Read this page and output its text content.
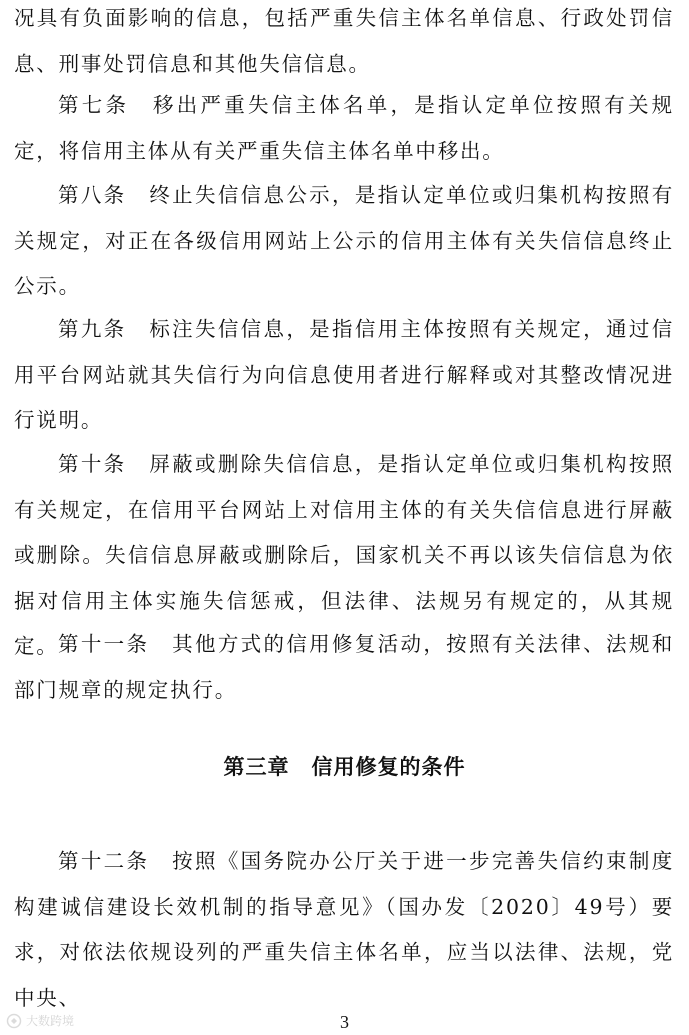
况具有负面影响的信息，包括严重失信主体名单信息、行政处罚信息、刑事处罚信息和其他失信信息。

第七条　移出严重失信主体名单，是指认定单位按照有关规定，将信用主体从有关严重失信主体名单中移出。

第八条　终止失信信息公示，是指认定单位或归集机构按照有关规定，对正在各级信用网站上公示的信用主体有关失信信息终止公示。

第九条　标注失信信息，是指信用主体按照有关规定，通过信用平台网站就其失信行为向信息使用者进行解释或对其整改情况进行说明。

第十条　屏蔽或删除失信信息，是指认定单位或归集机构按照有关规定，在信用平台网站上对信用主体的有关失信信息进行屏蔽或删除。失信信息屏蔽或删除后，国家机关不再以该失信信息为依据对信用主体实施失信惩戒，但法律、法规另有规定的，从其规定。 第十一条　其他方式的信用修复活动，按照有关法律、法规和部门规章的规定执行。

第三章 信用修复的条件

第十二条　按照《国务院办公厅关于进一步完善失信约束制度构建诚信建设长效机制的指导意见》（国办发〔2020〕49号）要求，对依法依规设列的严重失信主体名单，应当以法律、法规，党中央、

大数跨境	3
